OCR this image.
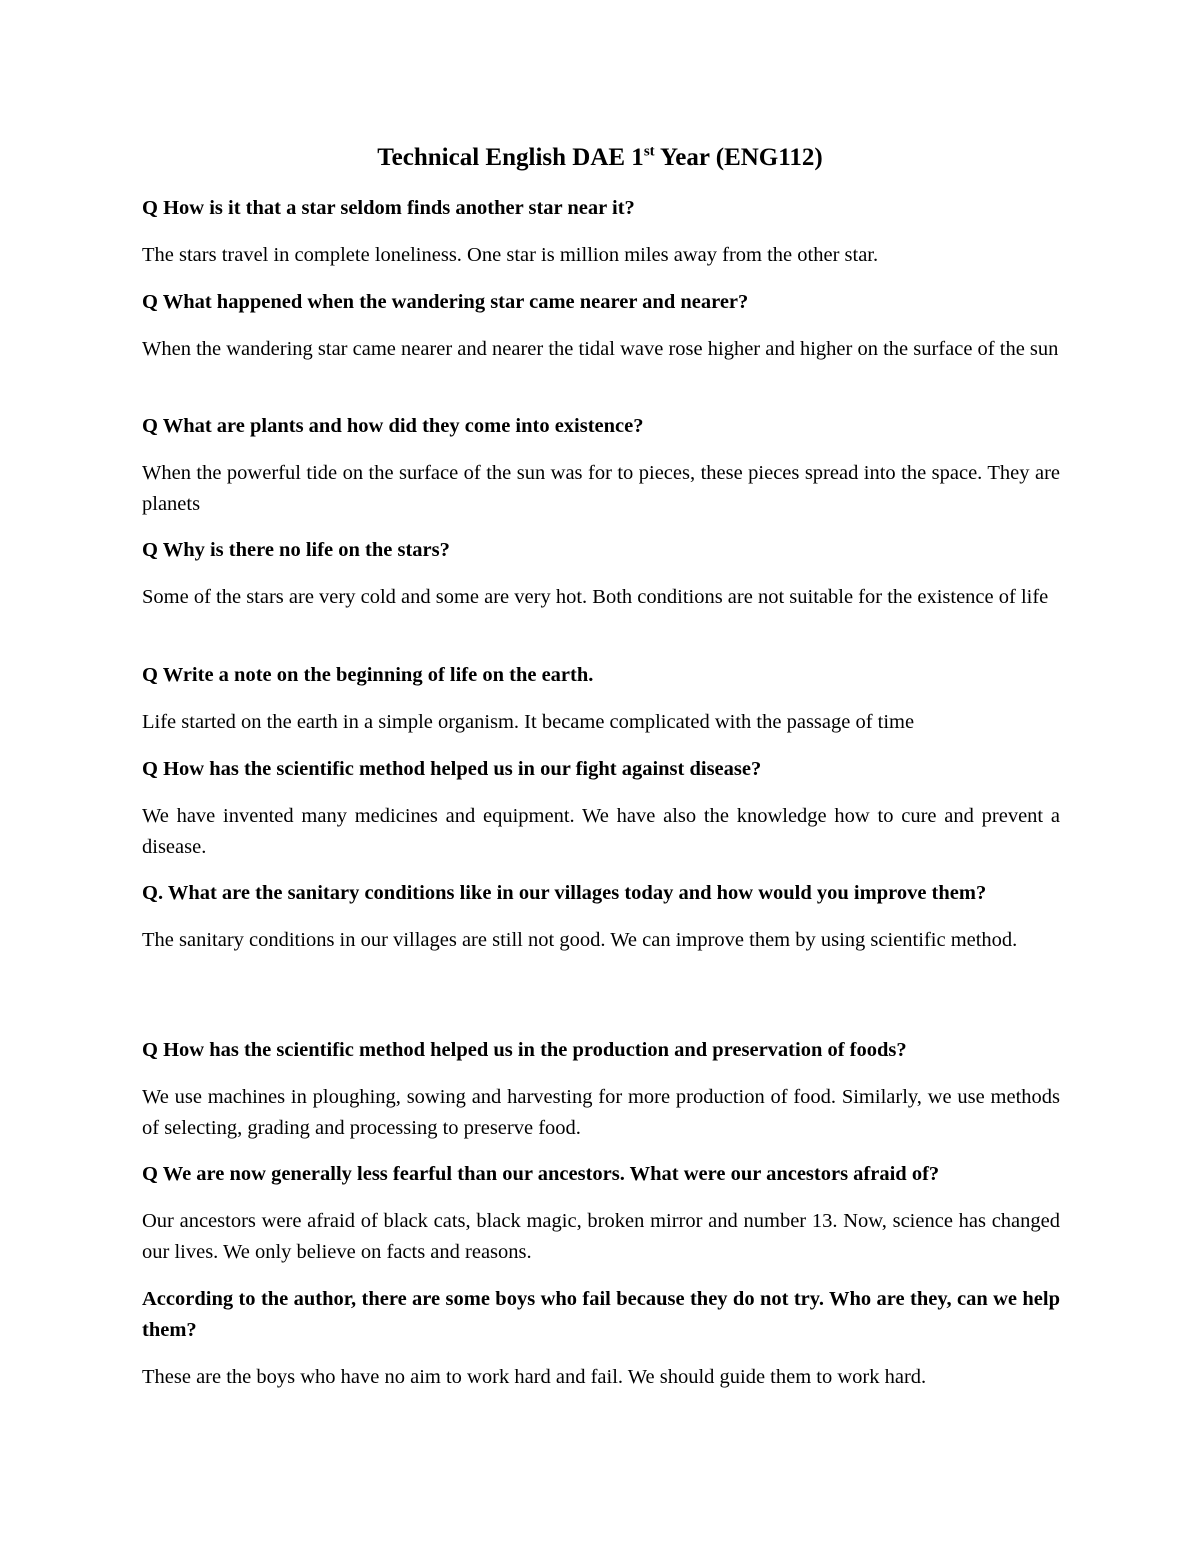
Technical English DAE 1st Year (ENG112)

Q How is it that a star seldom finds another star near it?

The stars travel in complete loneliness. One star is million miles away from the other star.

Q What happened when the wandering star came nearer and nearer?

When the wandering star came nearer and nearer the tidal wave rose higher and higher on the surface of the sun

Q What are plants and how did they come into existence?

When the powerful tide on the surface of the sun was for to pieces, these pieces spread into the space. They are planets

Q Why is there no life on the stars?

Some of the stars are very cold and some are very hot. Both conditions are not suitable for the existence of life

Q Write a note on the beginning of life on the earth.

Life started on the earth in a simple organism. It became complicated with the passage of time

Q How has the scientific method helped us in our fight against disease?

We have invented many medicines and equipment. We have also the knowledge how to cure and prevent a disease.

Q. What are the sanitary conditions like in our villages today and how would you improve them?

The sanitary conditions in our villages are still not good. We can improve them by using scientific method.

Q How has the scientific method helped us in the production and preservation of foods?

We use machines in ploughing, sowing and harvesting for more production of food. Similarly, we use methods of selecting, grading and processing to preserve food.

Q We are now generally less fearful than our ancestors. What were our ancestors afraid of?

Our ancestors were afraid of black cats, black magic, broken mirror and number 13. Now, science has changed our lives. We only believe on facts and reasons.

According to the author, there are some boys who fail because they do not try. Who are they, can we help them?

These are the boys who have no aim to work hard and fail. We should guide them to work hard.
